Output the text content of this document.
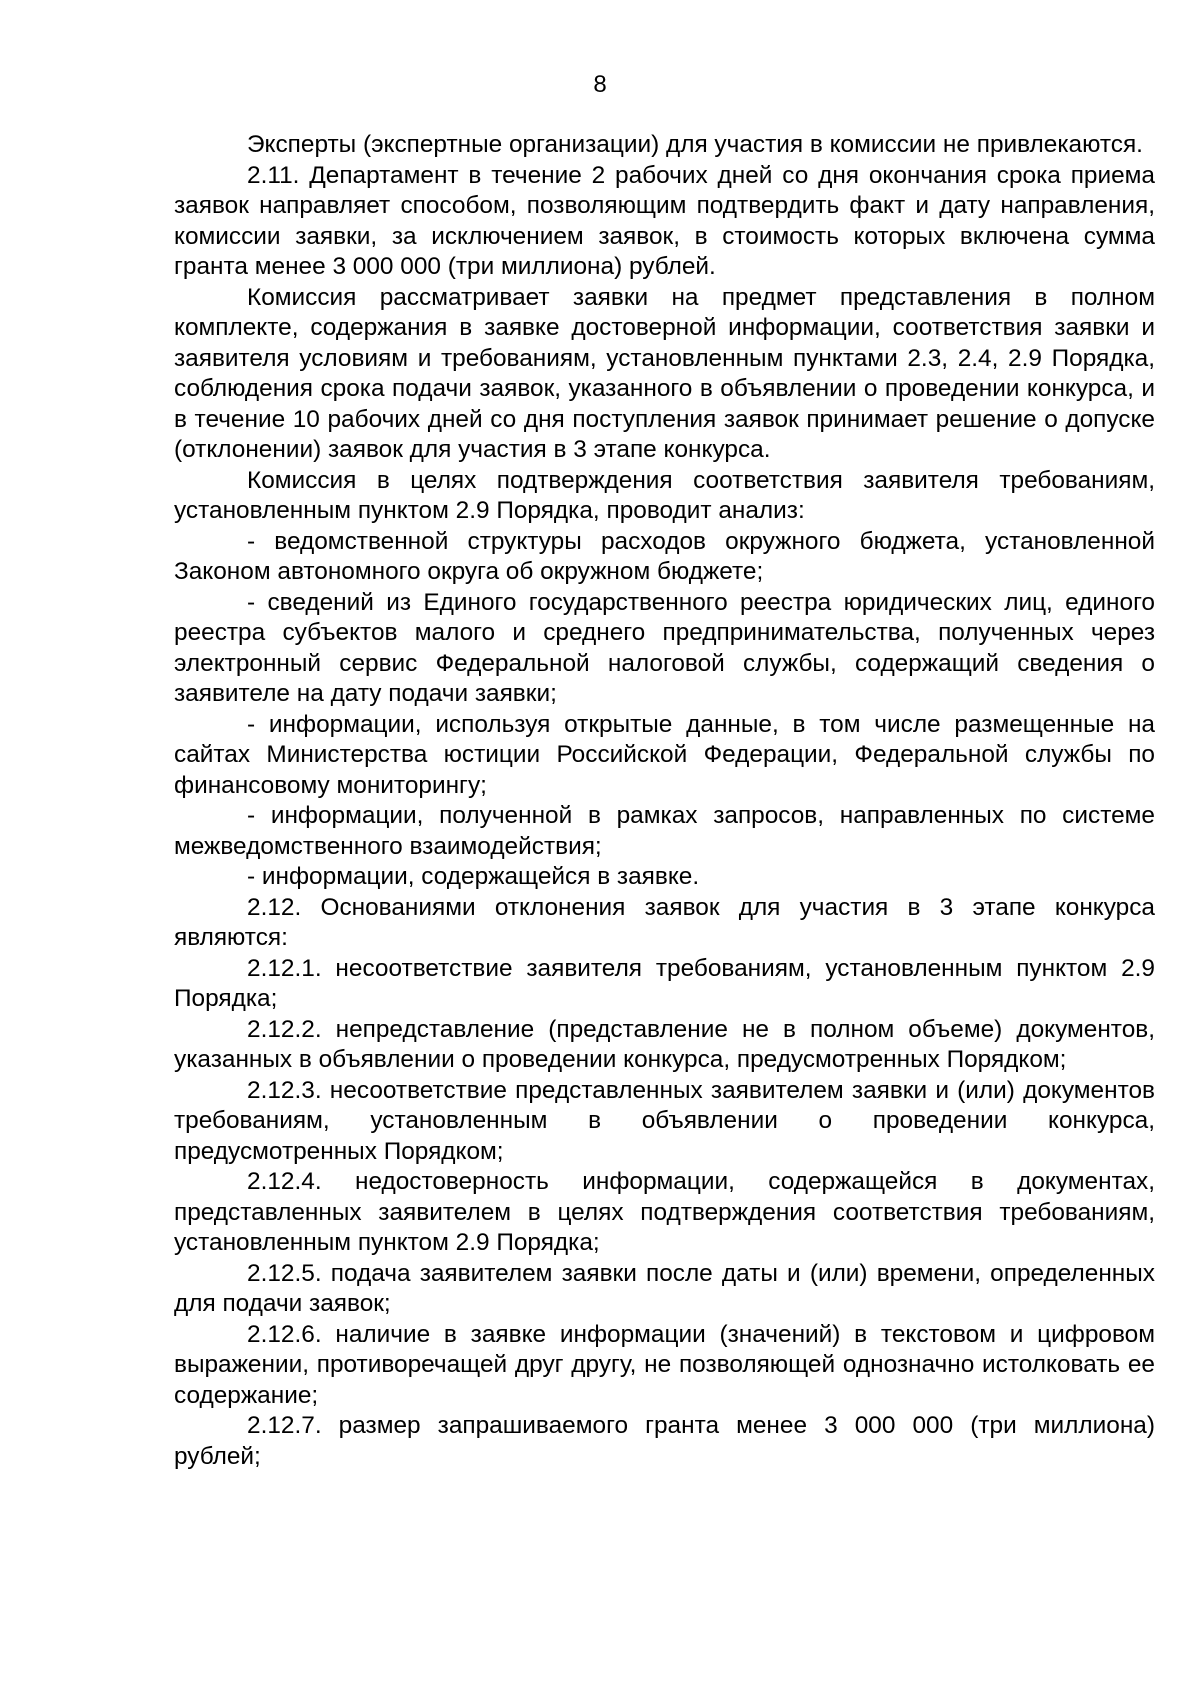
8

Эксперты (экспертные организации) для участия в комиссии не привлекаются.

2.11. Департамент в течение 2 рабочих дней со дня окончания срока приема заявок направляет способом, позволяющим подтвердить факт и дату направления, комиссии заявки, за исключением заявок, в стоимость которых включена сумма гранта менее 3 000 000 (три миллиона) рублей.

Комиссия рассматривает заявки на предмет представления в полном комплекте, содержания в заявке достоверной информации, соответствия заявки и заявителя условиям и требованиям, установленным пунктами 2.3, 2.4, 2.9 Порядка, соблюдения срока подачи заявок, указанного в объявлении о проведении конкурса, и в течение 10 рабочих дней со дня поступления заявок принимает решение о допуске (отклонении) заявок для участия в 3 этапе конкурса.

Комиссия в целях подтверждения соответствия заявителя требованиям, установленным пунктом 2.9 Порядка, проводит анализ:

- ведомственной структуры расходов окружного бюджета, установленной Законом автономного округа об окружном бюджете;

- сведений из Единого государственного реестра юридических лиц, единого реестра субъектов малого и среднего предпринимательства, полученных через электронный сервис Федеральной налоговой службы, содержащий сведения о заявителе на дату подачи заявки;

- информации, используя открытые данные, в том числе размещенные на сайтах Министерства юстиции Российской Федерации, Федеральной службы по финансовому мониторингу;

- информации, полученной в рамках запросов, направленных по системе межведомственного взаимодействия;

- информации, содержащейся в заявке.

2.12. Основаниями отклонения заявок для участия в 3 этапе конкурса являются:

2.12.1. несоответствие заявителя требованиям, установленным пунктом 2.9 Порядка;

2.12.2. непредставление (представление не в полном объеме) документов, указанных в объявлении о проведении конкурса, предусмотренных Порядком;

2.12.3. несоответствие представленных заявителем заявки и (или) документов требованиям, установленным в объявлении о проведении конкурса, предусмотренных Порядком;

2.12.4. недостоверность информации, содержащейся в документах, представленных заявителем в целях подтверждения соответствия требованиям, установленным пунктом 2.9 Порядка;

2.12.5. подача заявителем заявки после даты и (или) времени, определенных для подачи заявок;

2.12.6. наличие в заявке информации (значений) в текстовом и цифровом выражении, противоречащей друг другу, не позволяющей однозначно истолковать ее содержание;

2.12.7. размер запрашиваемого гранта менее 3 000 000 (три миллиона) рублей;
